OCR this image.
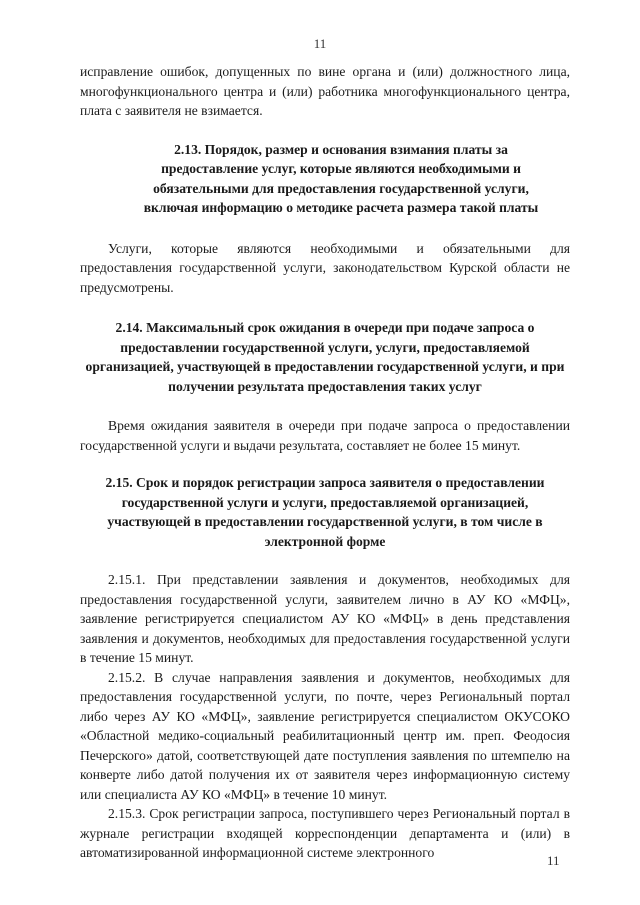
11

исправление ошибок, допущенных по вине органа и (или) должностного лица, многофункционального центра и (или) работника многофункционального центра, плата с заявителя не взимается.

2.13. Порядок, размер и основания взимания платы за предоставление услуг, которые являются необходимыми и обязательными для предоставления государственной услуги, включая информацию о методике расчета размера такой платы

Услуги, которые являются необходимыми и обязательными для предоставления государственной услуги, законодательством Курской области не предусмотрены.

2.14. Максимальный срок ожидания в очереди при подаче запроса о предоставлении государственной услуги, услуги, предоставляемой организацией, участвующей в предоставлении государственной услуги, и при получении результата предоставления таких услуг

Время ожидания заявителя в очереди при подаче запроса о предоставлении государственной услуги и выдачи результата, составляет не более 15 минут.

2.15. Срок и порядок регистрации запроса заявителя о предоставлении государственной услуги и услуги, предоставляемой организацией, участвующей в предоставлении государственной услуги, в том числе в электронной форме

2.15.1. При представлении заявления и документов, необходимых для предоставления государственной услуги, заявителем лично в АУ КО «МФЦ», заявление регистрируется специалистом АУ КО «МФЦ» в день представления заявления и документов, необходимых для предоставления государственной услуги в течение 15 минут.

2.15.2. В случае направления заявления и документов, необходимых для предоставления государственной услуги, по почте, через Региональный портал либо через АУ КО «МФЦ», заявление регистрируется специалистом ОКУСОКО «Областной медико-социальный реабилитационный центр им. преп. Феодосия Печерского» датой, соответствующей дате поступления заявления по штемпелю на конверте либо датой получения их от заявителя через информационную систему или специалиста АУ КО «МФЦ» в течение 10 минут.

2.15.3. Срок регистрации запроса, поступившего через Региональный портал в журнале регистрации входящей корреспонденции департамента и (или) в автоматизированной информационной системе электронного

11
